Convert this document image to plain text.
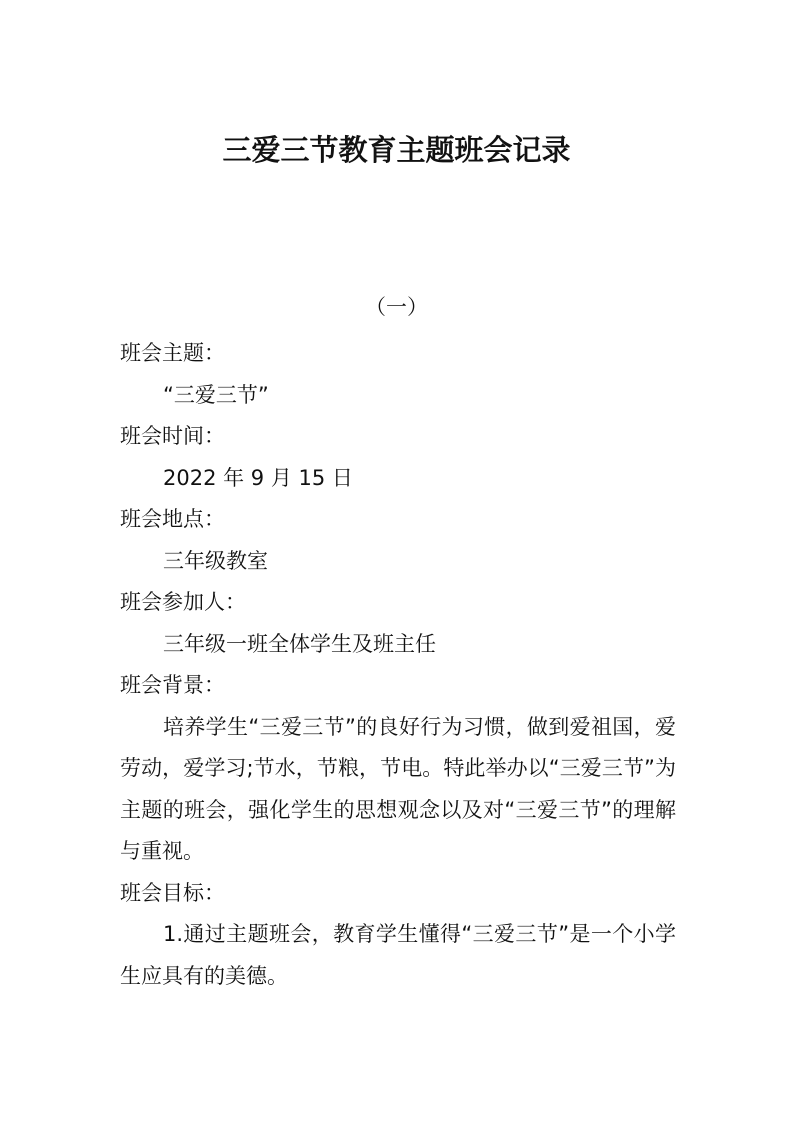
三爱三节教育主题班会记录
（一）

班会主题：

“三爱三节”

班会时间：

2022 年 9 月 15 日

班会地点：

三年级教室

班会参加人：

三年级一班全体学生及班主任

班会背景：

培养学生“三爱三节”的良好行为习惯，做到爱祖国，爱劳动，爱学习;节水，节粮，节电。特此举办以“三爱三节”为主题的班会，强化学生的思想观念以及对“三爱三节”的理解与重视。

班会目标：

1.通过主题班会，教育学生懂得“三爱三节”是一个小学生应具有的美德。
